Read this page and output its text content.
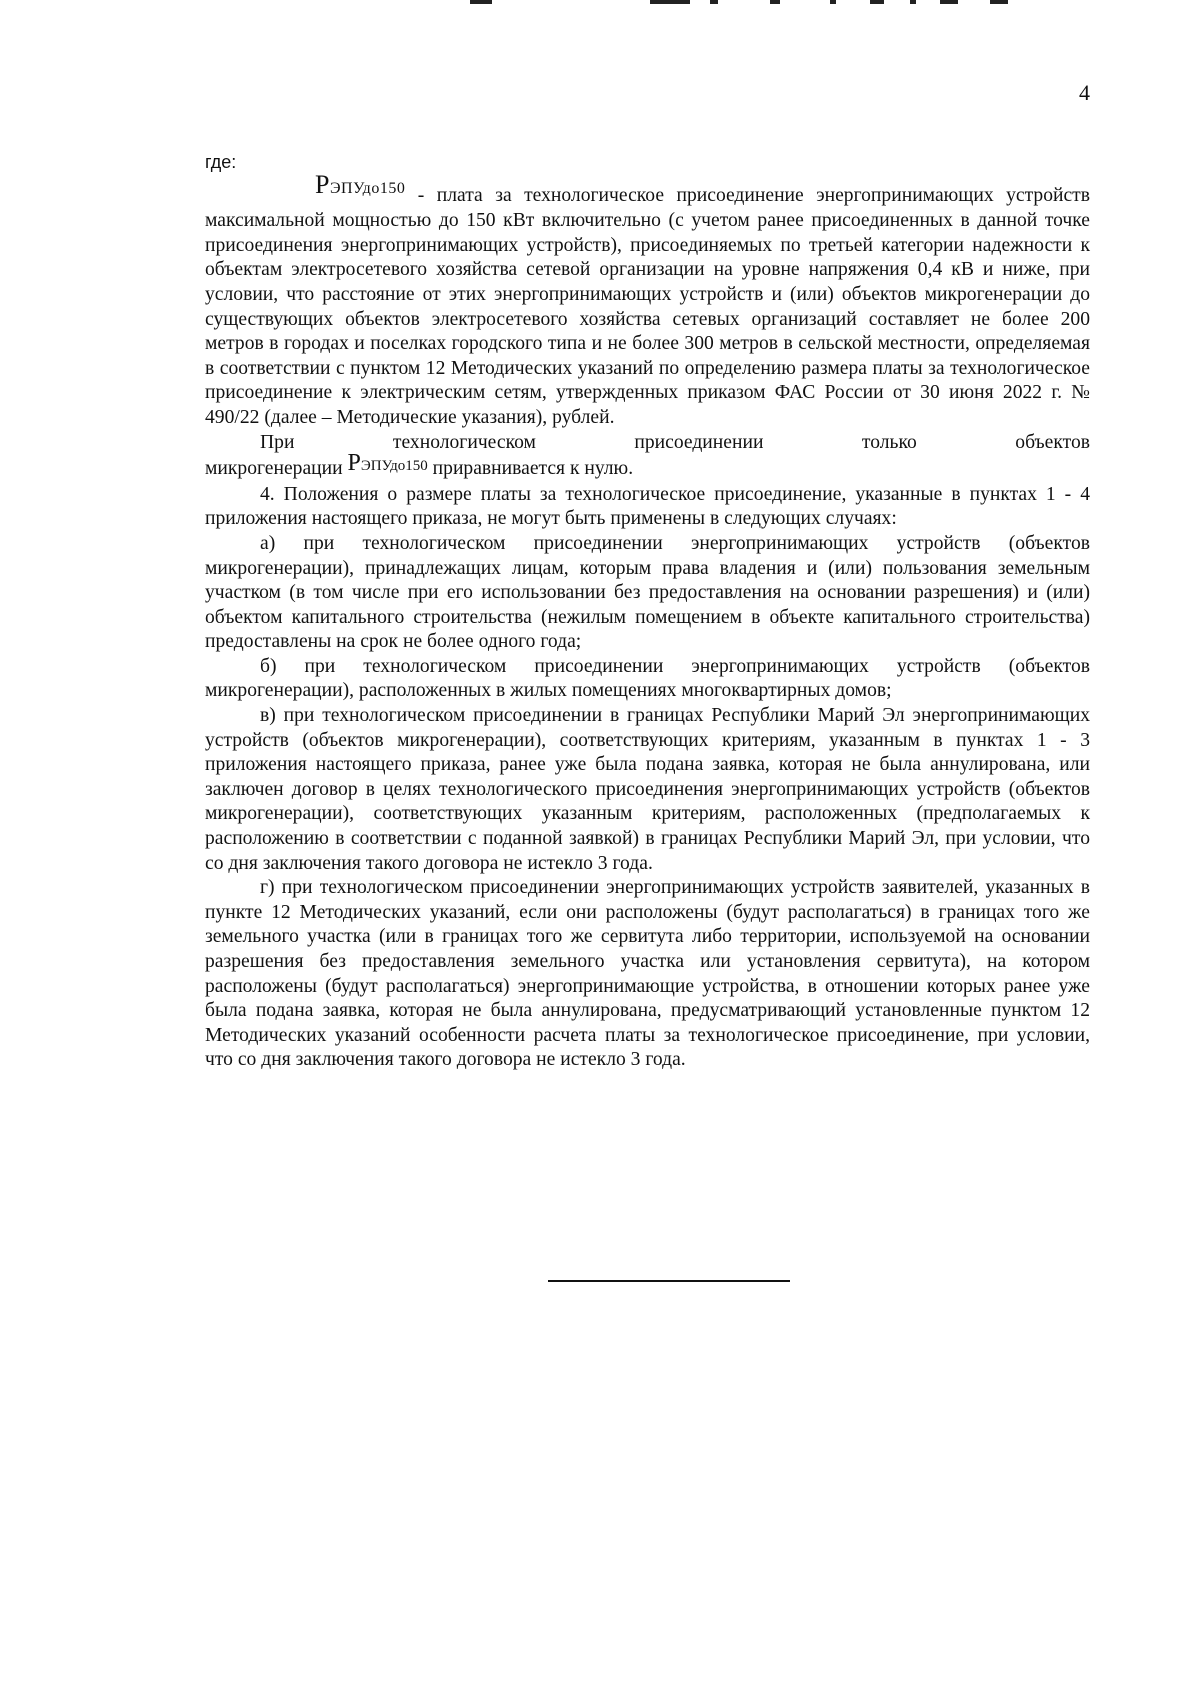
4
где:

РЭПУдо150 - плата за технологическое присоединение энергопринимающих устройств максимальной мощностью до 150 кВт включительно (с учетом ранее присоединенных в данной точке присоединения энергопринимающих устройств), присоединяемых по третьей категории надежности к объектам электросетевого хозяйства сетевой организации на уровне напряжения 0,4 кВ и ниже, при условии, что расстояние от этих энергопринимающих устройств и (или) объектов микрогенерации до существующих объектов электросетевого хозяйства сетевых организаций составляет не более 200 метров в городах и поселках городского типа и не более 300 метров в сельской местности, определяемая в соответствии с пунктом 12 Методических указаний по определению размера платы за технологическое присоединение к электрическим сетям, утвержденных приказом ФАС России от 30 июня 2022 г. № 490/22 (далее – Методические указания), рублей.

При технологическом присоединении только объектов

микрогенерации РЭПУдо150 приравнивается к нулю.

4. Положения о размере платы за технологическое присоединение, указанные в пунктах 1 - 4 приложения настоящего приказа, не могут быть применены в следующих случаях:

а) при технологическом присоединении энергопринимающих устройств (объектов микрогенерации), принадлежащих лицам, которым права владения и (или) пользования земельным участком (в том числе при его использовании без предоставления на основании разрешения) и (или) объектом капитального строительства (нежилым помещением в объекте капитального строительства) предоставлены на срок не более одного года;

б) при технологическом присоединении энергопринимающих устройств (объектов микрогенерации), расположенных в жилых помещениях многоквартирных домов;

в) при технологическом присоединении в границах Республики Марий Эл энергопринимающих устройств (объектов микрогенерации), соответствующих критериям, указанным в пунктах 1 - 3 приложения настоящего приказа, ранее уже была подана заявка, которая не была аннулирована, или заключен договор в целях технологического присоединения энергопринимающих устройств (объектов микрогенерации), соответствующих указанным критериям, расположенных (предполагаемых к расположению в соответствии с поданной заявкой) в границах Республики Марий Эл, при условии, что со дня заключения такого договора не истекло 3 года.

г) при технологическом присоединении энергопринимающих устройств заявителей, указанных в пункте 12 Методических указаний, если они расположены (будут располагаться) в границах того же земельного участка (или в границах того же сервитута либо территории, используемой на основании разрешения без предоставления земельного участка или установления сервитута), на котором расположены (будут располагаться) энергопринимающие устройства, в отношении которых ранее уже была подана заявка, которая не была аннулирована, предусматривающий установленные пунктом 12 Методических указаний особенности расчета платы за технологическое присоединение, при условии, что со дня заключения такого договора не истекло 3 года.
